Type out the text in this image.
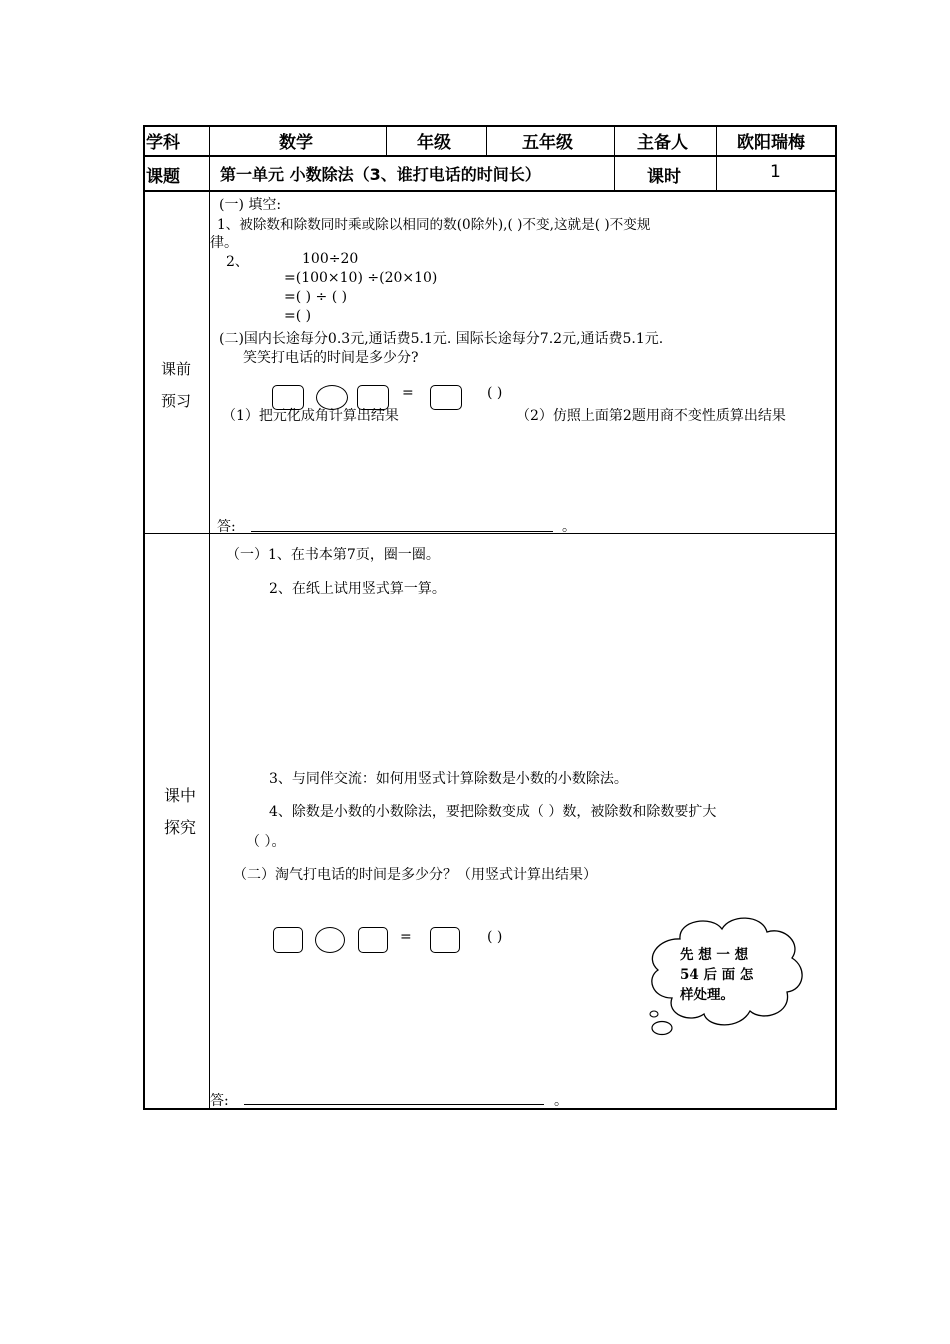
学科	数学	年级	五年级	主备人	欧阳瑞梅
课题	第一单元 小数除法（3、谁打电话的时间长）	课时	1
课前
预习
(一) 填空:
1、被除数和除数同时乘或除以相同的数(0除外),( )不变,这就是( )不变规
律。
2、	100÷20
=(100×10) ÷(20×10)
=( ) ÷ ( )
=( )
(二)国内长途每分0.3元,通话费5.1元. 国际长途每分7.2元,通话费5.1元.
笑笑打电话的时间是多少分?
=	( )
（1）把元化成角计算出结果	（2）仿照上面第2题用商不变性质算出结果
答:	。
课中
探究
（一）1、在书本第7页，圈一圈。
2、在纸上试用竖式算一算。
3、与同伴交流：如何用竖式计算除数是小数的小数除法。
4、除数是小数的小数除法，要把除数变成（ ）数，被除数和除数要扩大
（ ）。
（二）淘气打电话的时间是多少分？（用竖式计算出结果）
=	( )
先 想 一 想
54 后 面 怎
样处理。
答:	。
